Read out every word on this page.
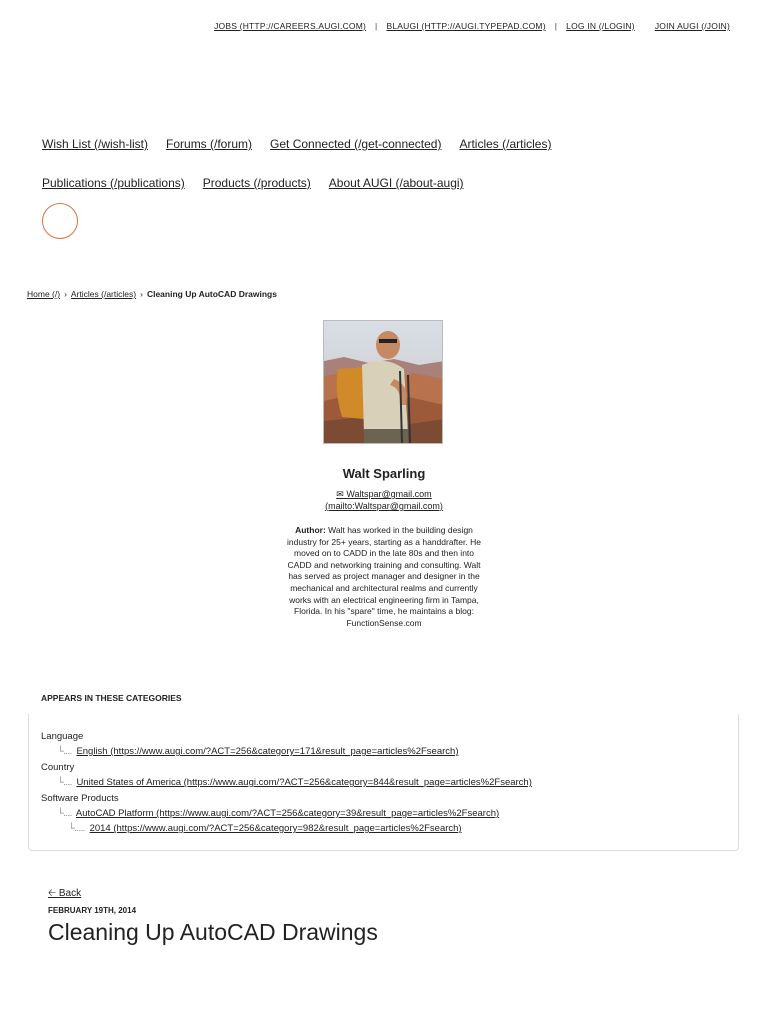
JOBS (HTTP://CAREERS.AUGI.COM) | BLAUGI (HTTP://AUGI.TYPEPAD.COM) | LOG IN (/LOGIN) JOIN AUGI (/JOIN)
Wish List (/wish-list) Forums (/forum) Get Connected (/get-connected) Articles (/articles)
Publications (/publications) Products (/products) About AUGI (/about-augi)
Home (/) › Articles (/articles) › Cleaning Up AutoCAD Drawings
Walt Sparling
✉ Waltspar@gmail.com
(mailto:Waltspar@gmail.com)
Author: Walt has worked in the building design industry for 25+ years, starting as a handdrafter. He moved on to CADD in the late 80s and then into CADD and networking training and consulting. Walt has served as project manager and designer in the mechanical and architectural realms and currently works with an electrical engineering firm in Tampa, Florida. In his "spare" time, he maintains a blog: FunctionSense.com
APPEARS IN THESE CATEGORIES
Language
└.... English (https://www.augi.com/?ACT=256&category=171&result_page=articles%2Fsearch)
Country
└.... United States of America (https://www.augi.com/?ACT=256&category=844&result_page=articles%2Fsearch)
Software Products
└.... AutoCAD Platform (https://www.augi.com/?ACT=256&category=39&result_page=articles%2Fsearch)
└..... 2014 (https://www.augi.com/?ACT=256&category=982&result_page=articles%2Fsearch)
🡠 Back
FEBRUARY 19TH, 2014
Cleaning Up AutoCAD Drawings
